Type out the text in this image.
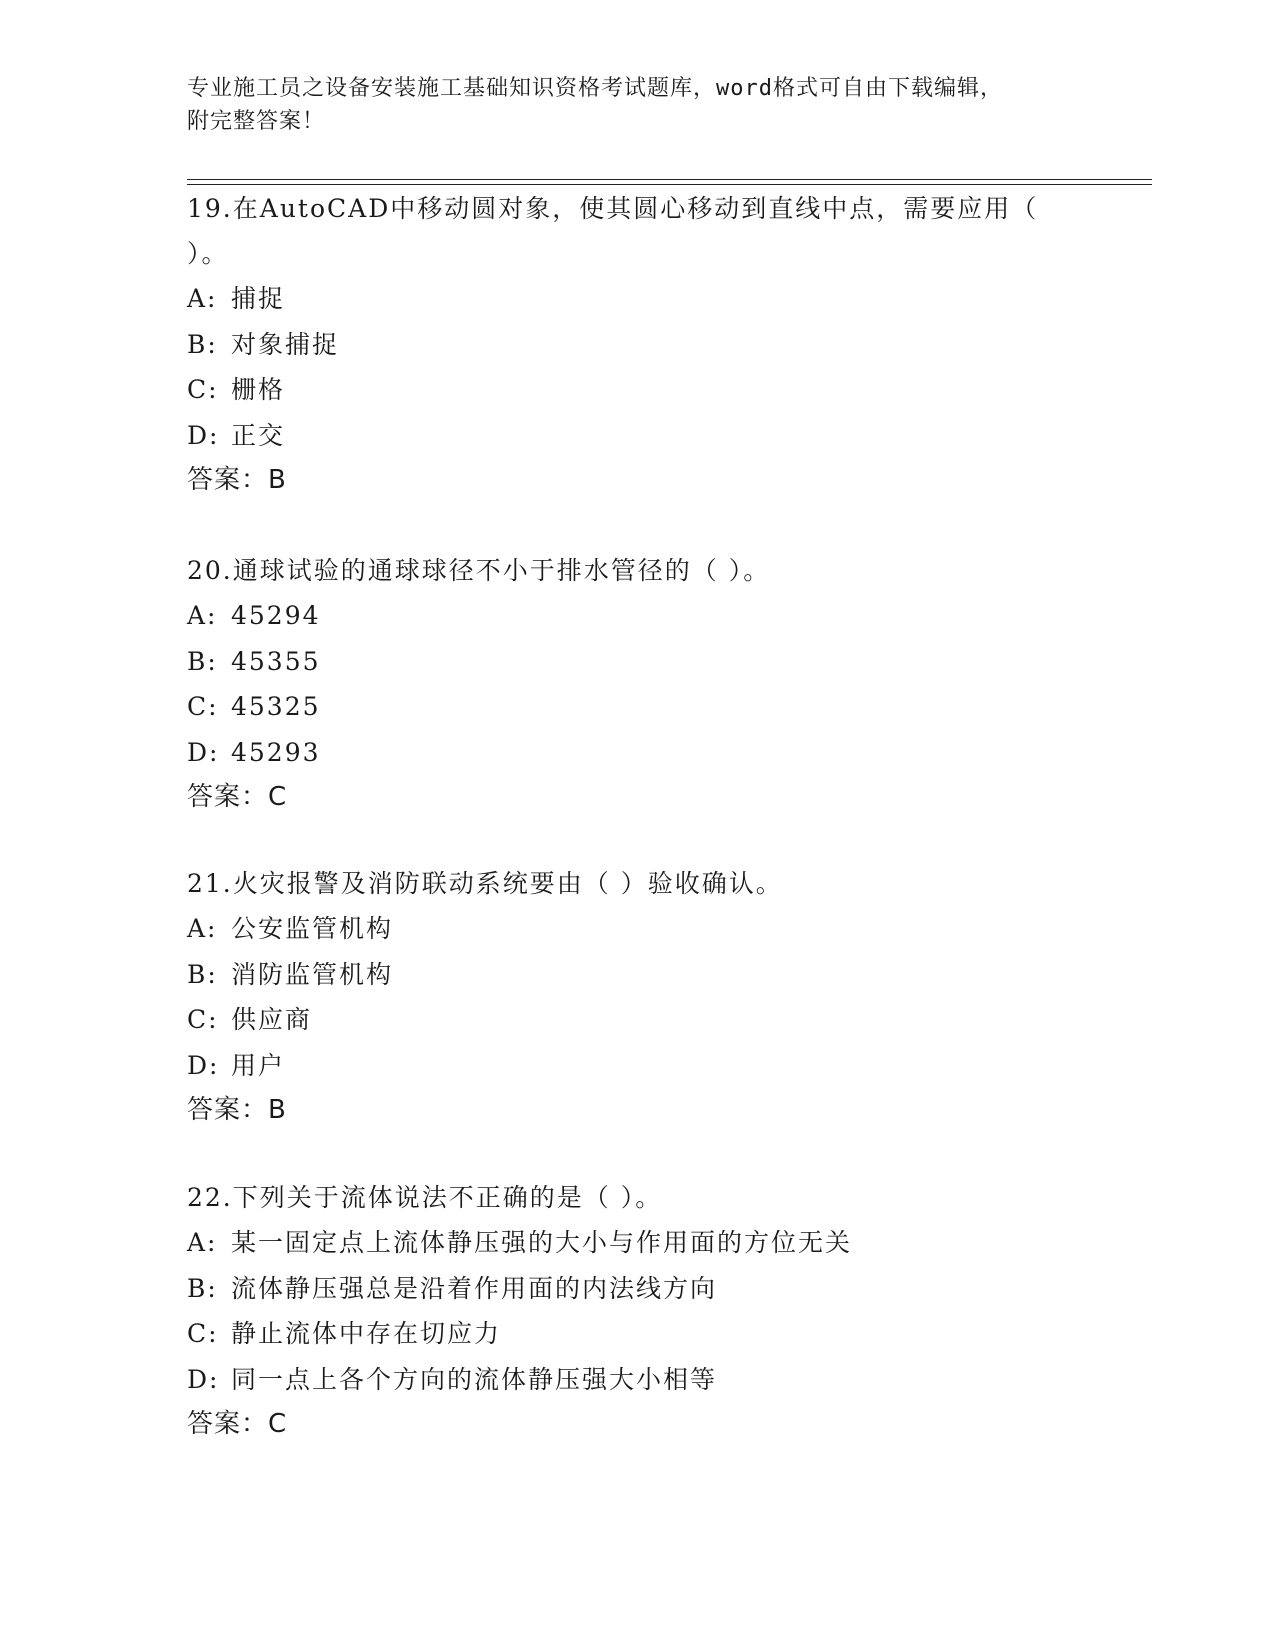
专业施工员之设备安装施工基础知识资格考试题库，word格式可自由下载编辑，
附完整答案！

19.在AutoCAD中移动圆对象，使其圆心移动到直线中点，需要应用（

）。

A: 捕捉

B: 对象捕捉

C: 栅格

D: 正交

答案：B

20.通球试验的通球球径不小于排水管径的（ ）。

A: 45294

B: 45355

C: 45325

D: 45293

答案：C

21.火灾报警及消防联动系统要由（ ）验收确认。

A: 公安监管机构

B: 消防监管机构

C: 供应商

D: 用户

答案：B

22.下列关于流体说法不正确的是（ ）。

A: 某一固定点上流体静压强的大小与作用面的方位无关

B: 流体静压强总是沿着作用面的内法线方向

C: 静止流体中存在切应力

D: 同一点上各个方向的流体静压强大小相等

答案：C
